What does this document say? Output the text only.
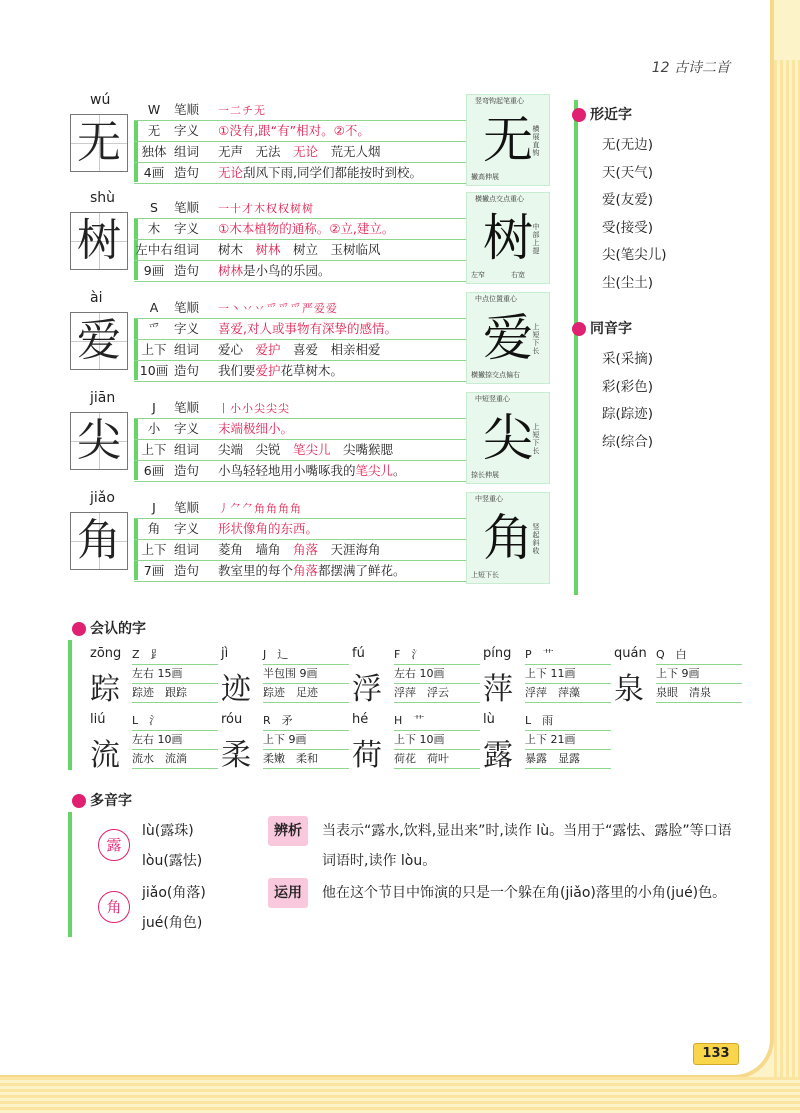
12 古诗二首
wú
无
W 笔顺 一二チ无
无 字义 ①没有,跟“有”相对。②不。
独体 组词 无声　无法　无论　荒无人烟
4画 造句 无论刮风下雨,同学们都能按时到校。
无
竖弯钩起笔重心
横展直钩
撇高伸展
shù
树
S 笔顺 一十才木权权树树
木 字义 ①木本植物的通称。②立,建立。
左中右组词 树木　树林　树立　玉树临风
9画 造句 树林是小鸟的乐园。
树
横撇点交点重心
中部上提
左窄	右宽
ài
爱
A 笔顺 一丶丷丷爫爫爫严爱爱
爫 字义 喜爱,对人或事物有深挚的感情。
上下 组词 爱心　爱护　喜爱　相亲相爱
10画 造句 我们要爱护花草树木。
爱
中点位置重心
上短下长
横撇捺交点偏右
jiān
尖
J 笔顺 丨小小尖尖尖
小 字义 末端极细小。
上下 组词 尖端　尖锐　笔尖儿　尖嘴猴腮
6画 造句 小鸟轻轻地用小嘴啄我的笔尖儿。
尖
中短竖重心
上短下长
捺长伸展
jiǎo
角
J 笔顺 丿⺈⺈角角角角
角 字义 形状像角的东西。
上下 组词 菱角　墙角　角落　天涯海角
7画 造句 教室里的每个角落都摆满了鲜花。
角
中竖重心
竖起斜收
上短下长
形近字
无(无边)
天(天气)
爱(友爱)
受(接受)
尖(笔尖儿)
尘(尘土)
同音字
采(采摘)
彩(彩色)
踪(踪迹)
综(综合)
会认的字
zōng
踪
Z　⻊
左右 15画
踪迹　跟踪
jì
迹
J　辶
半包围 9画
踪迹　足迹
fú
浮
F　氵
左右 10画
浮萍　浮云
píng
萍
P　艹
上下 11画
浮萍　萍藻
quán
泉
Q　白
上下 9画
泉眼　清泉
liú
流
L　氵
左右 10画
流水　流淌
róu
柔
R　矛
上下 9画
柔嫩　柔和
hé
荷
H　艹
上下 10画
荷花　荷叶
lù
露
L　雨
上下 21画
暴露　显露
多音字
露
lù(露珠)
lòu(露怯)
辨析	当表示“露水,饮料,显出来”时,读作 lù。当用于“露怯、露脸”等口语词语时,读作 lòu。
角
jiǎo(角落)
jué(角色)
运用	他在这个节目中饰演的只是一个躲在角(jiǎo)落里的小角(jué)色。
133
